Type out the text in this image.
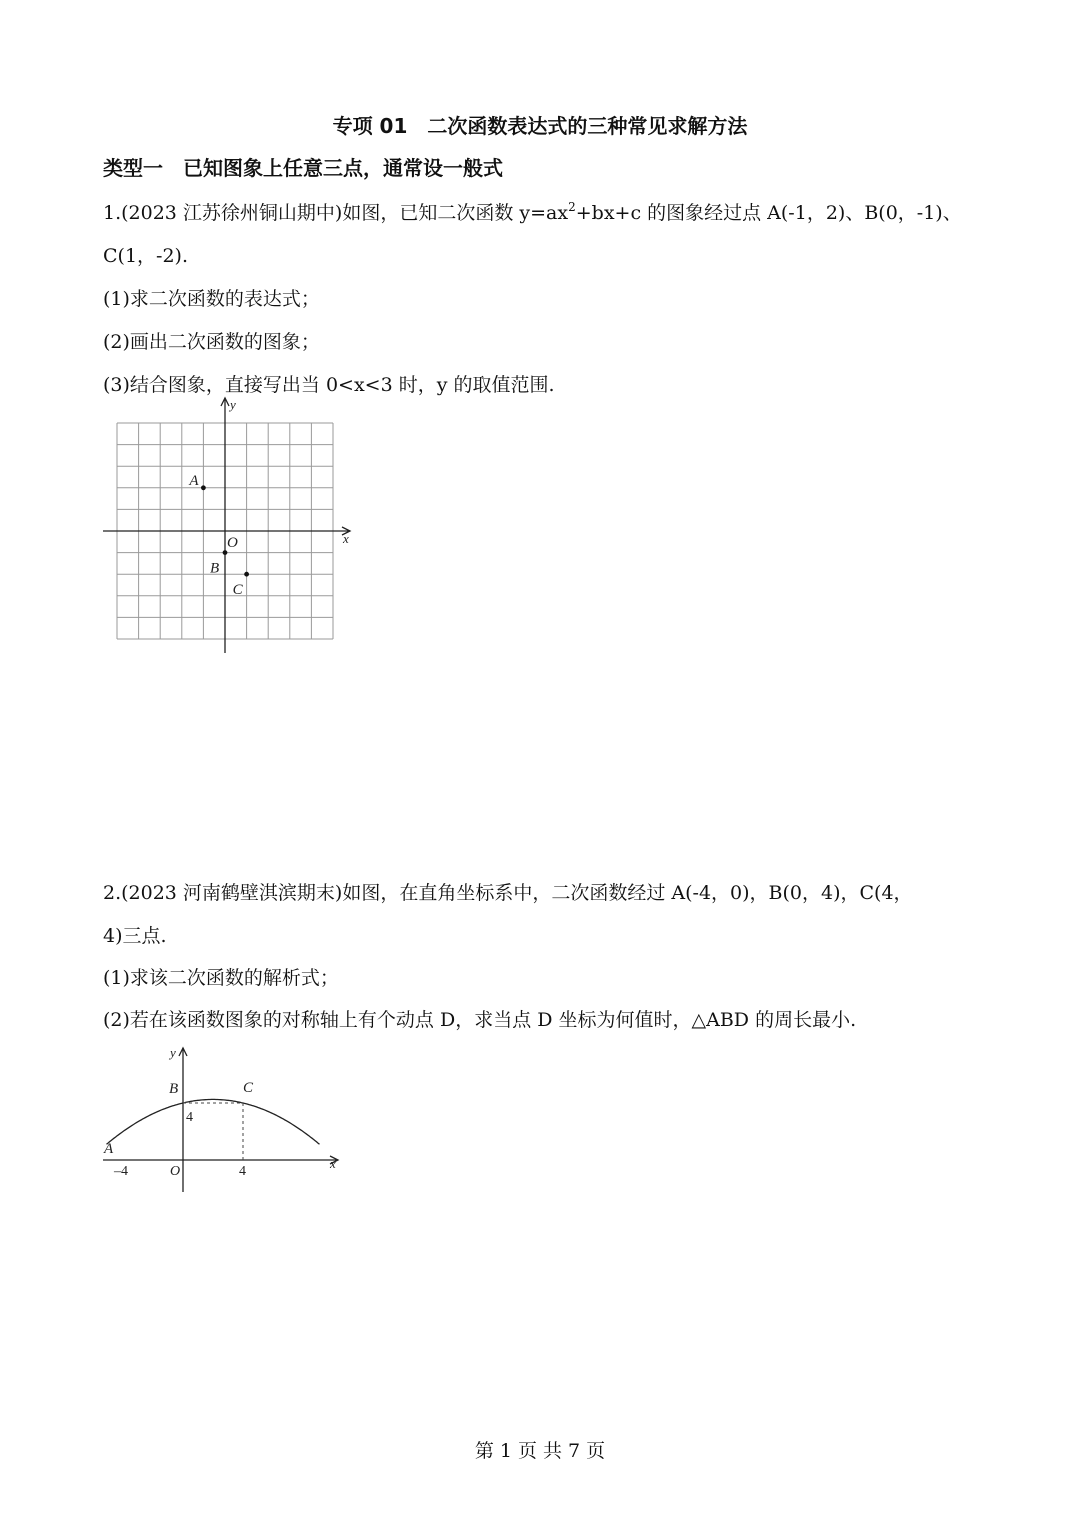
专项 01　二次函数表达式的三种常见求解方法
类型一　已知图象上任意三点，通常设一般式
1.(2023 江苏徐州铜山期中)如图，已知二次函数 $y=ax^2+bx+c$ 的图象经过点 A(-1，2)、B(0，-1)、
C(1，-2).
(1)求二次函数的表达式；
(2)画出二次函数的图象；
(3)结合图象，直接写出当 0<x<3 时，y 的取值范围.
x
y
O
A
B
C
2.(2023 河南鹤壁淇滨期末)如图，在直角坐标系中，二次函数经过 A(-4，0)，B(0，4)，C(4，
4)三点.
(1)求该二次函数的解析式；
(2)若在该函数图象的对称轴上有个动点 D，求当点 D 坐标为何值时，△ABD 的周长最小.
x
y
O
A
B	C
–4	4
4
第 1 页 共 7 页
